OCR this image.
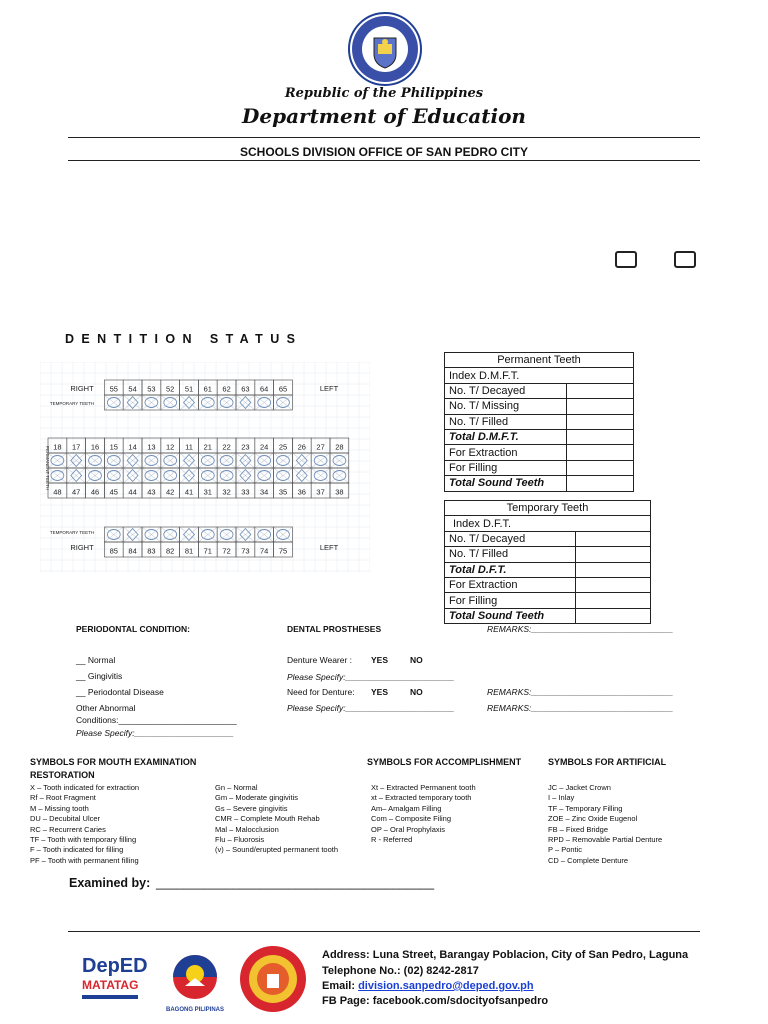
Republic of the Philippines
Department of Education
SCHOOLS DIVISION OFFICE OF SAN PEDRO CITY
DENTITION STATUS
RIGHT	LEFT
TEMPORARY TEETH
TEMPORARY TEETH
RIGHT	LEFT
PERMANENT TEETH
55 54 53 52 51 61 62 63 64 65
18 17 16 15 14 13 12 11 21 22 23 24 25 26 27 28
48 47 46 45 44 43 42 41 31 32 33 34 35 36 37 38
85 84 83 82 81 71 72 73 74 75
Permanent Teeth	
Index D.M.F.T.	
No. T/ Decayed	
No. T/ Missing	
No. T/ Filled	
Total D.M.F.T.	
For Extraction	
For Filling	
Total Sound Teeth	
Temporary Teeth	
Index D.F.T.	
No. T/ Decayed	
No. T/ Filled	
Total D.F.T.	
For Extraction	
For Filling	
Total Sound Teeth	
PERIODONTAL CONDITION:	DENTAL PROSTHESES	REMARKS:______________________________
__ Normal
__ Gingivitis
__ Periodontal Disease
Other Abnormal
Conditions:_________________________
Please Specify:_____________________
Denture Wearer : YES	NO
Please Specify:_______________________
Need for Denture: YES	NO	REMARKS:______________________________
Please Specify:_______________________	REMARKS:______________________________
SYMBOLS FOR MOUTH EXAMINATION
RESTORATION
SYMBOLS FOR ACCOMPLISHMENT	SYMBOLS FOR ARTIFICIAL
X – Tooth indicated for extraction
Rf – Root Fragment
M – Missing tooth
DU – Decubital Ulcer
RC – Recurrent Caries
TF – Tooth with temporary filling
F – Tooth indicated for filling
PF – Tooth with permanent filling
Gn – Normal
Gm – Moderate gingivitis
Gs – Severe gingivitis
CMR – Complete Mouth Rehab
Mal – Malocclusion
Flu – Fluorosis
(v) – Sound/erupted permanent tooth
Xt – Extracted Permanent tooth
xt – Extracted temporary tooth
Am– Amalgam Filling
Com – Composite Filing
OP – Oral Prophylaxis
R - Referred
JC – Jacket Crown
I – Inlay
TF – Temporary Filling
ZOE – Zinc Oxide Eugenol
FB – Fixed Bridge
RPD – Removable Partial Denture
P – Pontic
CD – Complete Denture
Examined by: ________________________________________
DepED
MATATAG
BAGONG PILIPINAS
Address: Luna Street, Barangay Poblacion, City of San Pedro, Laguna
Telephone No.: (02) 8242-2817
Email: division.sanpedro@deped.gov.ph
FB Page: facebook.com/sdocityofsanpedro
